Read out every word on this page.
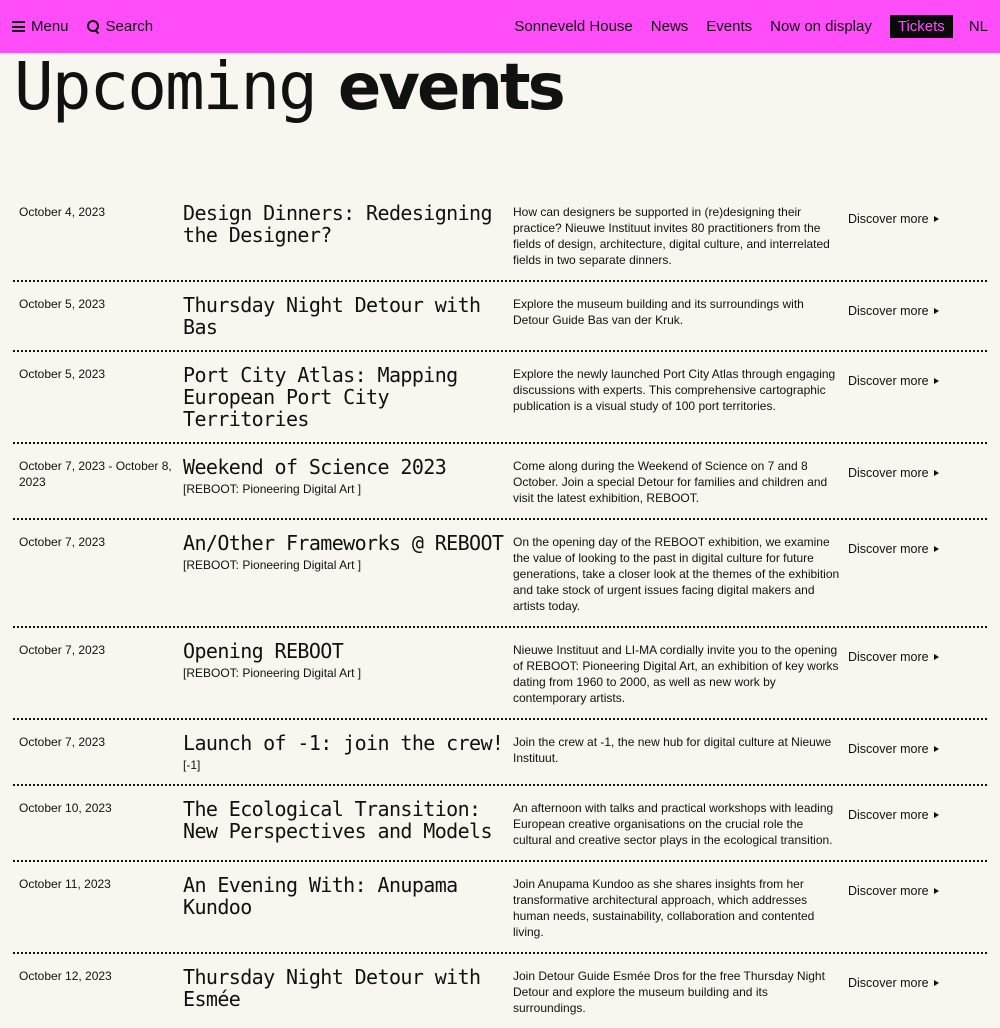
Menu Search	Sonneveld House News Events Now on display	Tickets	NL
Upcoming events
October 4, 2023	Design Dinners: Redesigning the Designer?
How can designers be supported in (re)designing their practice? Nieuwe Instituut invites 80 practitioners from the fields of design, architecture, digital culture, and interrelated fields in two separate dinners.
Discover more
October 5, 2023	Thursday Night Detour with Bas
Explore the museum building and its surroundings with Detour Guide Bas van der Kruk.
Discover more
October 5, 2023	Port City Atlas: Mapping European Port City Territories
Explore the newly launched Port City Atlas through engaging discussions with experts. This comprehensive cartographic publication is a visual study of 100 port territories.
Discover more
October 7, 2023 - October 8, 2023
Weekend of Science 2023
[REBOOT: Pioneering Digital Art ]
Come along during the Weekend of Science on 7 and 8 October. Join a special Detour for families and children and visit the latest exhibition, REBOOT.
Discover more
October 7, 2023	An/Other Frameworks @ REBOOT
[REBOOT: Pioneering Digital Art ]
On the opening day of the REBOOT exhibition, we examine the value of looking to the past in digital culture for future generations, take a closer look at the themes of the exhibition and take stock of urgent issues facing digital makers and artists today.
Discover more
October 7, 2023	Opening REBOOT
[REBOOT: Pioneering Digital Art ]
Nieuwe Instituut and LI-MA cordially invite you to the opening of REBOOT: Pioneering Digital Art, an exhibition of key works dating from 1960 to 2000, as well as new work by contemporary artists.
Discover more
October 7, 2023	Launch of -1: join the crew!
[-1]
Join the crew at -1, the new hub for digital culture at Nieuwe Instituut.
Discover more
October 10, 2023	The Ecological Transition: New Perspectives and Models
An afternoon with talks and practical workshops with leading European creative organisations on the crucial role the cultural and creative sector plays in the ecological transition.
Discover more
October 11, 2023	An Evening With: Anupama Kundoo
Join Anupama Kundoo as she shares insights from her transformative architectural approach, which addresses human needs, sustainability, collaboration and contented living.
Discover more
October 12, 2023	Thursday Night Detour with Esmée
Join Detour Guide Esmée Dros for the free Thursday Night Detour and explore the museum building and its surroundings.
Discover more
